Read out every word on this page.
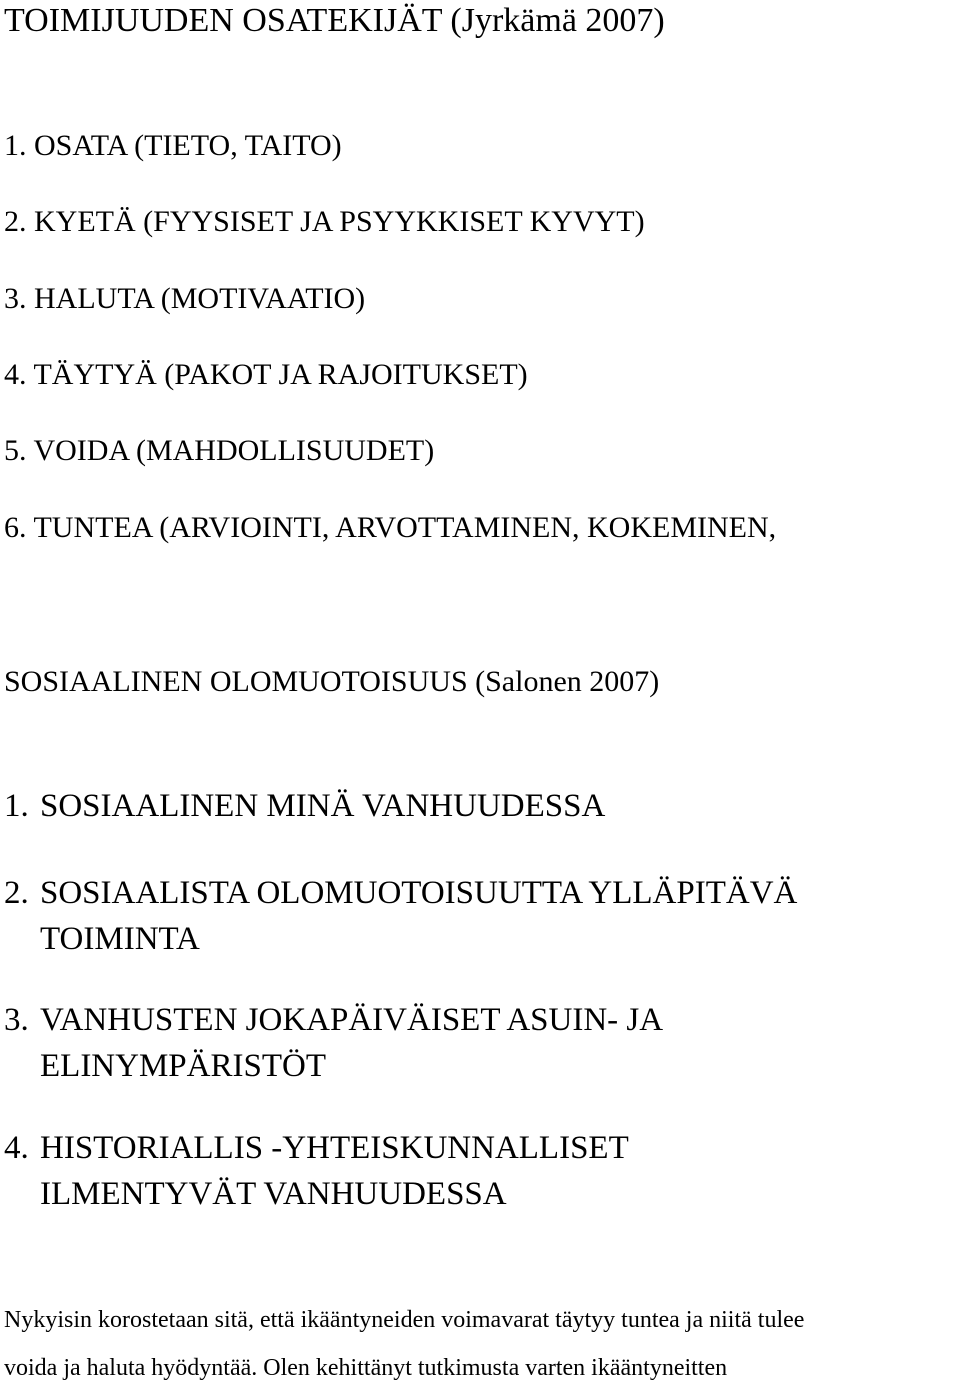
TOIMIJUUDEN OSATEKIJÄT (Jyrkämä 2007)
1. OSATA (TIETO, TAITO)
2. KYETÄ (FYYSISET JA PSYYKKISET KYVYT)
3. HALUTA (MOTIVAATIO)
4. TÄYTYÄ (PAKOT JA RAJOITUKSET)
5. VOIDA (MAHDOLLISUUDET)
6. TUNTEA (ARVIOINTI, ARVOTTAMINEN, KOKEMINEN,
SOSIAALINEN OLOMUOTOISUUS (Salonen 2007)
1. SOSIAALINEN MINÄ VANHUUDESSA
2. SOSIAALISTA OLOMUOTOISUUTTA YLLÄPITÄVÄ
TOIMINTA
3. VANHUSTEN JOKAPÄIVÄISET ASUIN- JA
ELINYMPÄRISTÖT
4. HISTORIALLIS -YHTEISKUNNALLISET
ILMENTYVÄT VANHUUDESSA
Nykyisin korostetaan sitä, että ikääntyneiden voimavarat täytyy tuntea ja niitä tulee
voida ja haluta hyödyntää. Olen kehittänyt tutkimusta varten ikääntyneitten
